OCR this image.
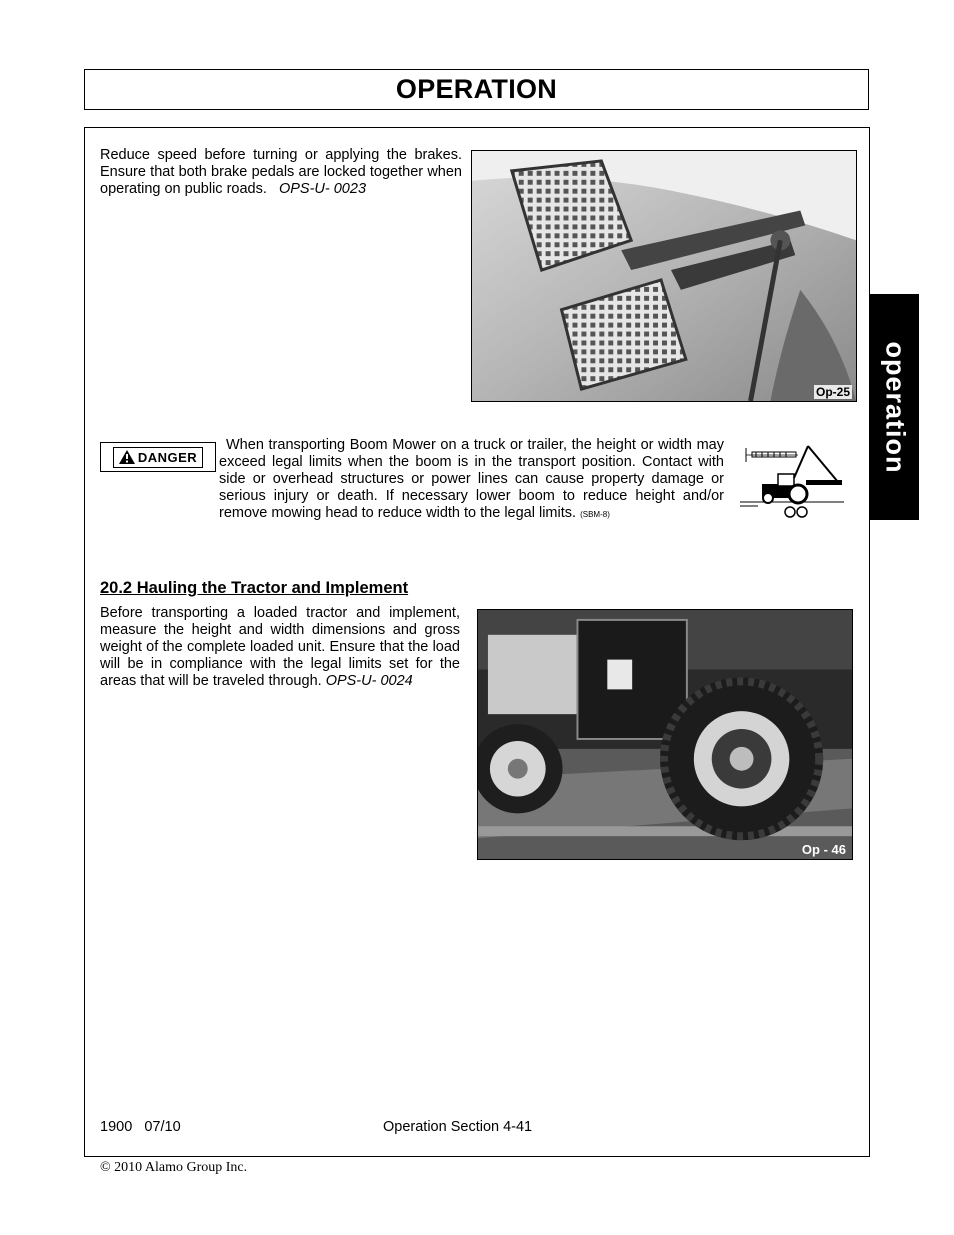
OPERATION
operation
Reduce speed before turning or applying the brakes. Ensure that both brake pedals are locked together when operating on public roads. OPS-U- 0023
Op-25
DANGER
When transporting Boom Mower on a truck or trailer, the height or width may exceed legal limits when the boom is in the transport position. Contact with side or overhead structures or power lines can cause property damage or serious injury or death. If necessary lower boom to reduce height and/or remove mowing head to reduce width to the legal limits. (SBM-8)
20.2 Hauling the Tractor and Implement
Before transporting a loaded tractor and implement, measure the height and width dimensions and gross weight of the complete loaded unit. Ensure that the load will be in compliance with the legal limits set for the areas that will be traveled through. OPS-U- 0024
Op - 46
1900 07/10	Operation Section 4-41
© 2010 Alamo Group Inc.
